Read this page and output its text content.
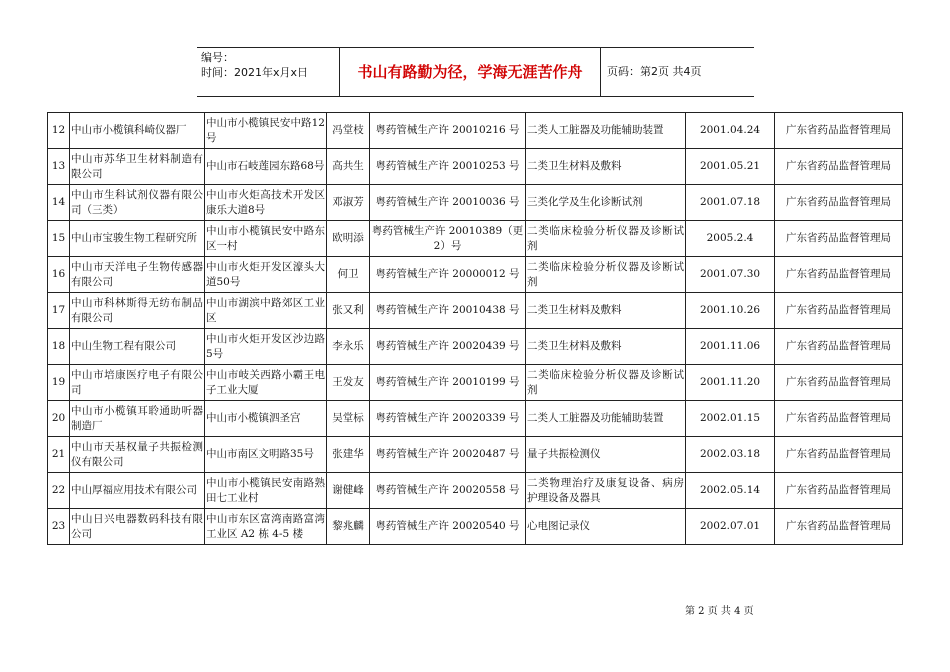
编号：
时间：2021年x月x日	书山有路勤为径，学海无涯苦作舟	页码：第2页 共4页
12	中山市小榄镇科崎仪器厂	中山市小榄镇民安中路12号	冯堂枝	粤药管械生产许 20010216 号	二类人工脏器及功能辅助装置	2001.04.24	广东省药品监督管理局
13	中山市苏华卫生材料制造有限公司	中山市石岐莲园东路68号	高共生	粤药管械生产许 20010253 号	二类卫生材料及敷料	2001.05.21	广东省药品监督管理局
14	中山市生科试剂仪器有限公司（三类）	中山市火炬高技术开发区康乐大道8号	邓淑芳	粤药管械生产许 20010036 号	三类化学及生化诊断试剂	2001.07.18	广东省药品监督管理局
15	中山市宝骏生物工程研究所	中山市小榄镇民安中路东区一村	欧明添	粤药管械生产许 20010389（更2）号	二类临床检验分析仪器及诊断试剂	2005.2.4	广东省药品监督管理局
16	中山市天洋电子生物传感器有限公司	中山市火炬开发区濠头大道50号	何卫	粤药管械生产许 20000012 号	二类临床检验分析仪器及诊断试剂	2001.07.30	广东省药品监督管理局
17	中山市科林斯得无纺布制品有限公司	中山市湖滨中路郊区工业区	张又利	粤药管械生产许 20010438 号	二类卫生材料及敷料	2001.10.26	广东省药品监督管理局
18	中山生物工程有限公司	中山市火炬开发区沙边路5号	李永乐	粤药管械生产许 20020439 号	二类卫生材料及敷料	2001.11.06	广东省药品监督管理局
19	中山市培康医疗电子有限公司	中山市岐关西路小霸王电子工业大厦	王发友	粤药管械生产许 20010199 号	二类临床检验分析仪器及诊断试剂	2001.11.20	广东省药品监督管理局
20	中山市小榄镇耳聆通助听器 制造厂	中山市小榄镇泗圣宫	吴堂标	粤药管械生产许 20020339 号	二类人工脏器及功能辅助装置	2002.01.15	广东省药品监督管理局
21	中山市天基权量子共振检测仪有限公司	中山市南区文明路35号	张建华	粤药管械生产许 20020487 号	量子共振检测仪	2002.03.18	广东省药品监督管理局
22	中山厚福应用技术有限公司	中山市小榄镇民安南路熟田七工业村	谢健峰	粤药管械生产许 20020558 号	二类物理治疗及康复设备、病房护理设备及器具	2002.05.14	广东省药品监督管理局
23	中山日兴电器数码科技有限公司	中山市东区富湾南路富湾工业区 A2 栋 4-5 楼	黎兆麟	粤药管械生产许 20020540 号	心电图记录仪	2002.07.01	广东省药品监督管理局
第 2 页 共 4 页
